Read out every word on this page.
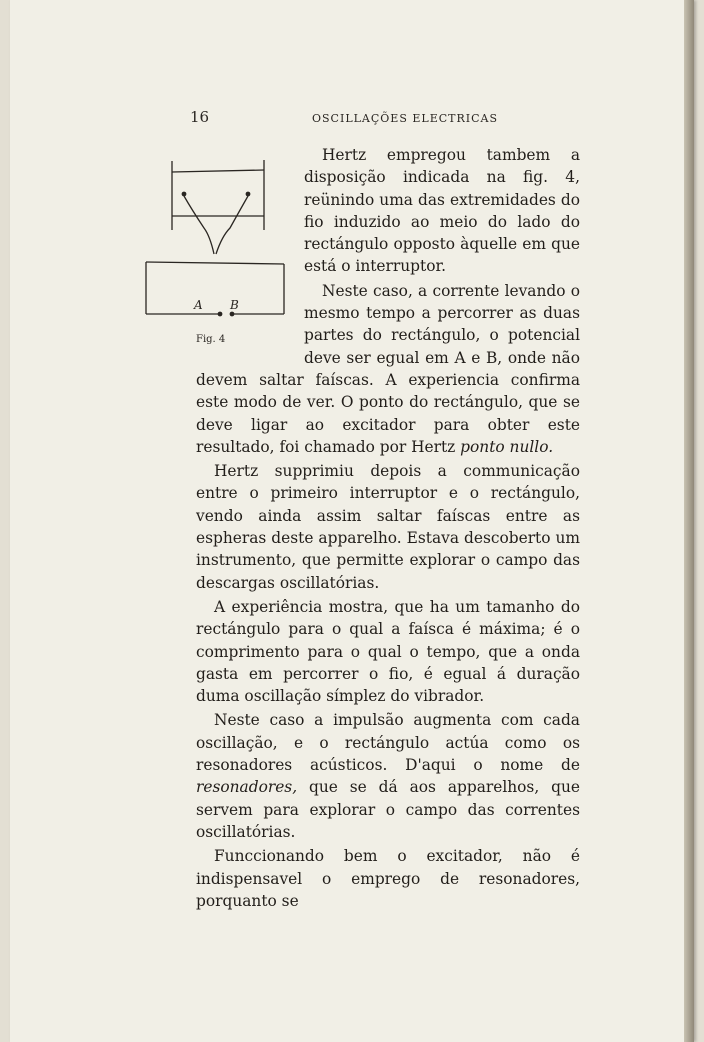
16	OSCILLAÇÕES ELECTRICAS
A B
Fig. 4

Hertz empregou tambem a disposição indicada na fig. 4, reünindo uma das extremidades do fio induzido ao meio do lado do rectángulo opposto àquelle em que está o interruptor.

Neste caso, a corrente levando o mesmo tempo a percorrer as duas partes do rectángulo, o potencial deve ser egual em A e B, onde não devem saltar faíscas. A experiencia confirma este modo de ver. O ponto do rectángulo, que se deve ligar ao excitador para obter este resultado, foi chamado por Hertz ponto nullo.

Hertz supprimiu depois a communicação entre o primeiro interruptor e o rectángulo, vendo ainda assim saltar faíscas entre as espheras deste apparelho. Estava descoberto um instrumento, que permitte explorar o campo das descargas oscillatórias.

A experiência mostra, que ha um tamanho do rectángulo para o qual a faísca é máxima; é o comprimento para o qual o tempo, que a onda gasta em percorrer o fio, é egual á duração duma oscillação símplez do vibrador.

Neste caso a impulsão augmenta com cada oscillação, e o rectángulo actúa como os resonadores acústicos. D'aqui o nome de resonadores, que se dá aos apparelhos, que servem para explorar o campo das correntes oscillatórias.

Funccionando bem o excitador, não é indispensavel o emprego de resonadores, porquanto se
